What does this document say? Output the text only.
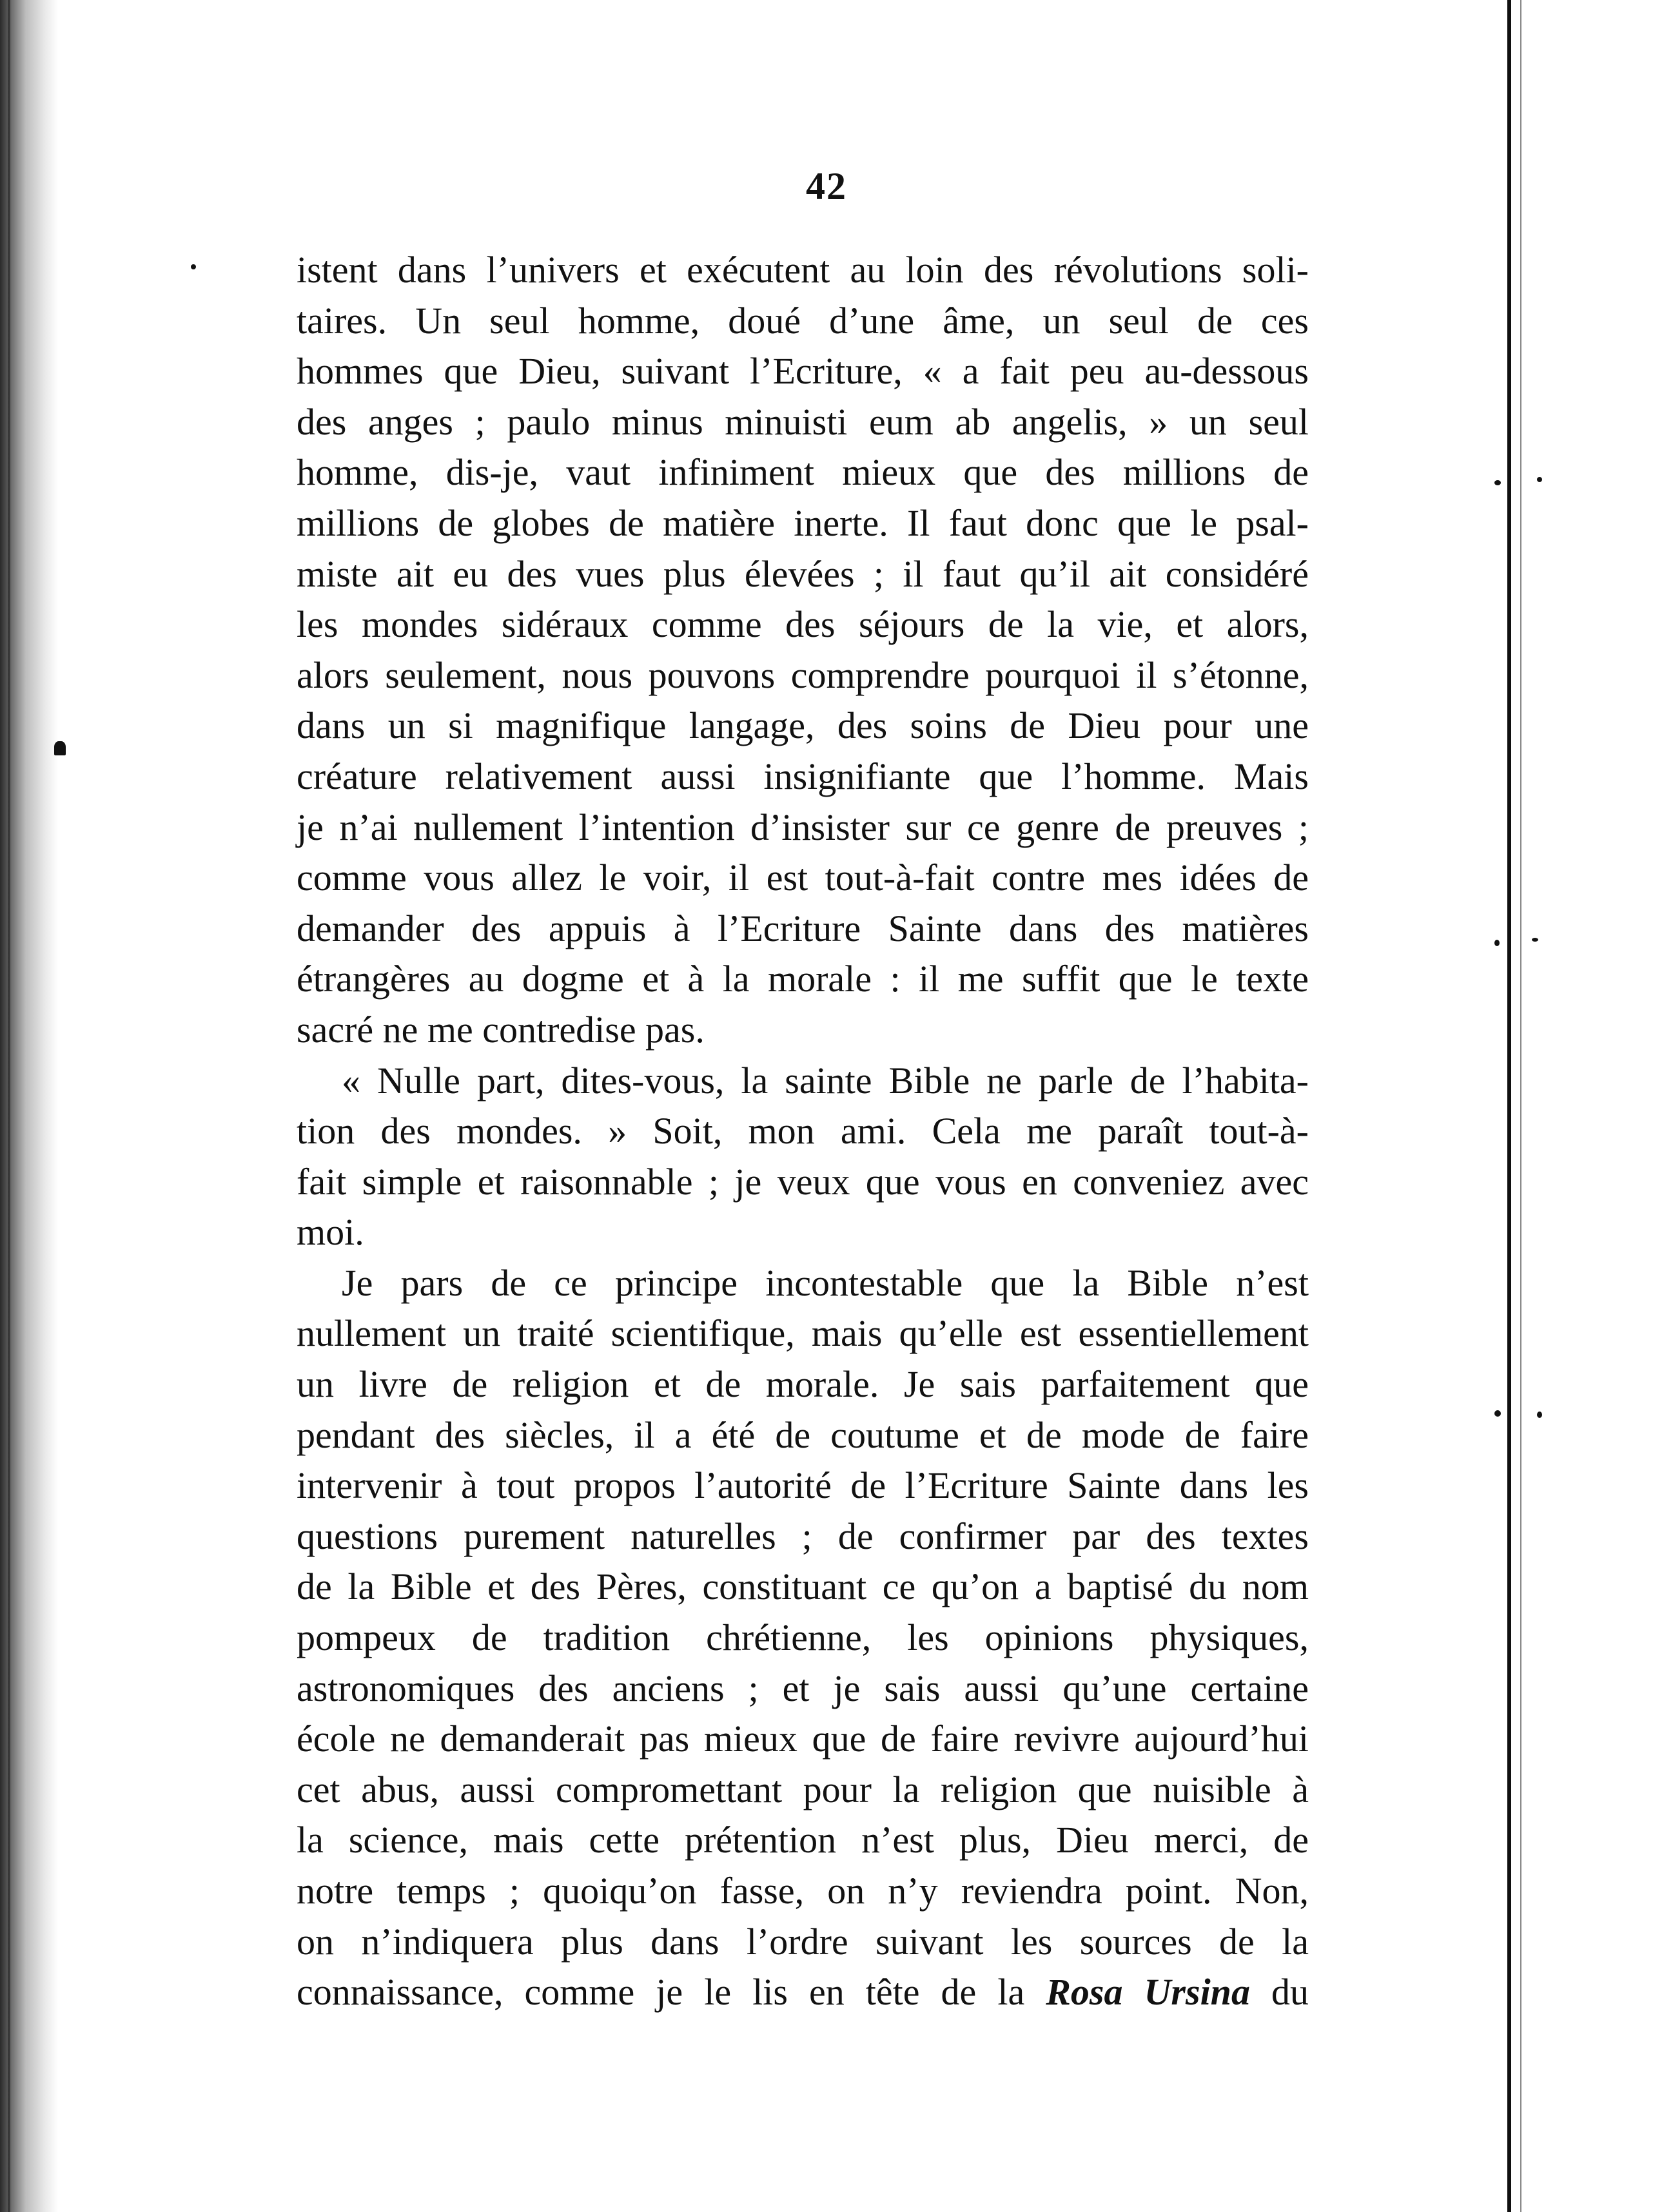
42
istent dans l’univers et exécutent au loin des révolutions soli-
taires. Un seul homme, doué d’une âme, un seul de ces
hommes que Dieu, suivant l’Ecriture, « a fait peu au-dessous
des anges ; paulo minus minuisti eum ab angelis, » un seul
homme, dis-je, vaut infiniment mieux que des millions de
millions de globes de matière inerte. Il faut donc que le psal-
miste ait eu des vues plus élevées ; il faut qu’il ait considéré
les mondes sidéraux comme des séjours de la vie, et alors,
alors seulement, nous pouvons comprendre pourquoi il s’étonne,
dans un si magnifique langage, des soins de Dieu pour une
créature relativement aussi insignifiante que l’homme. Mais
je n’ai nullement l’intention d’insister sur ce genre de preuves ;
comme vous allez le voir, il est tout-à-fait contre mes idées de
demander des appuis à l’Ecriture Sainte dans des matières
étrangères au dogme et à la morale : il me suffit que le texte
sacré ne me contredise pas.
« Nulle part, dites-vous, la sainte Bible ne parle de l’habita-
tion des mondes. » Soit, mon ami. Cela me paraît tout-à-
fait simple et raisonnable ; je veux que vous en conveniez avec
moi.
Je pars de ce principe incontestable que la Bible n’est
nullement un traité scientifique, mais qu’elle est essentiellement
un livre de religion et de morale. Je sais parfaitement que
pendant des siècles, il a été de coutume et de mode de faire
intervenir à tout propos l’autorité de l’Ecriture Sainte dans les
questions purement naturelles ; de confirmer par des textes
de la Bible et des Pères, constituant ce qu’on a baptisé du nom
pompeux de tradition chrétienne, les opinions physiques,
astronomiques des anciens ; et je sais aussi qu’une certaine
école ne demanderait pas mieux que de faire revivre aujourd’hui
cet abus, aussi compromettant pour la religion que nuisible à
la science, mais cette prétention n’est plus, Dieu merci, de
notre temps ; quoiqu’on fasse, on n’y reviendra point. Non,
on n’indiquera plus dans l’ordre suivant les sources de la
connaissance, comme je le lis en tête de la Rosa Ursina du
